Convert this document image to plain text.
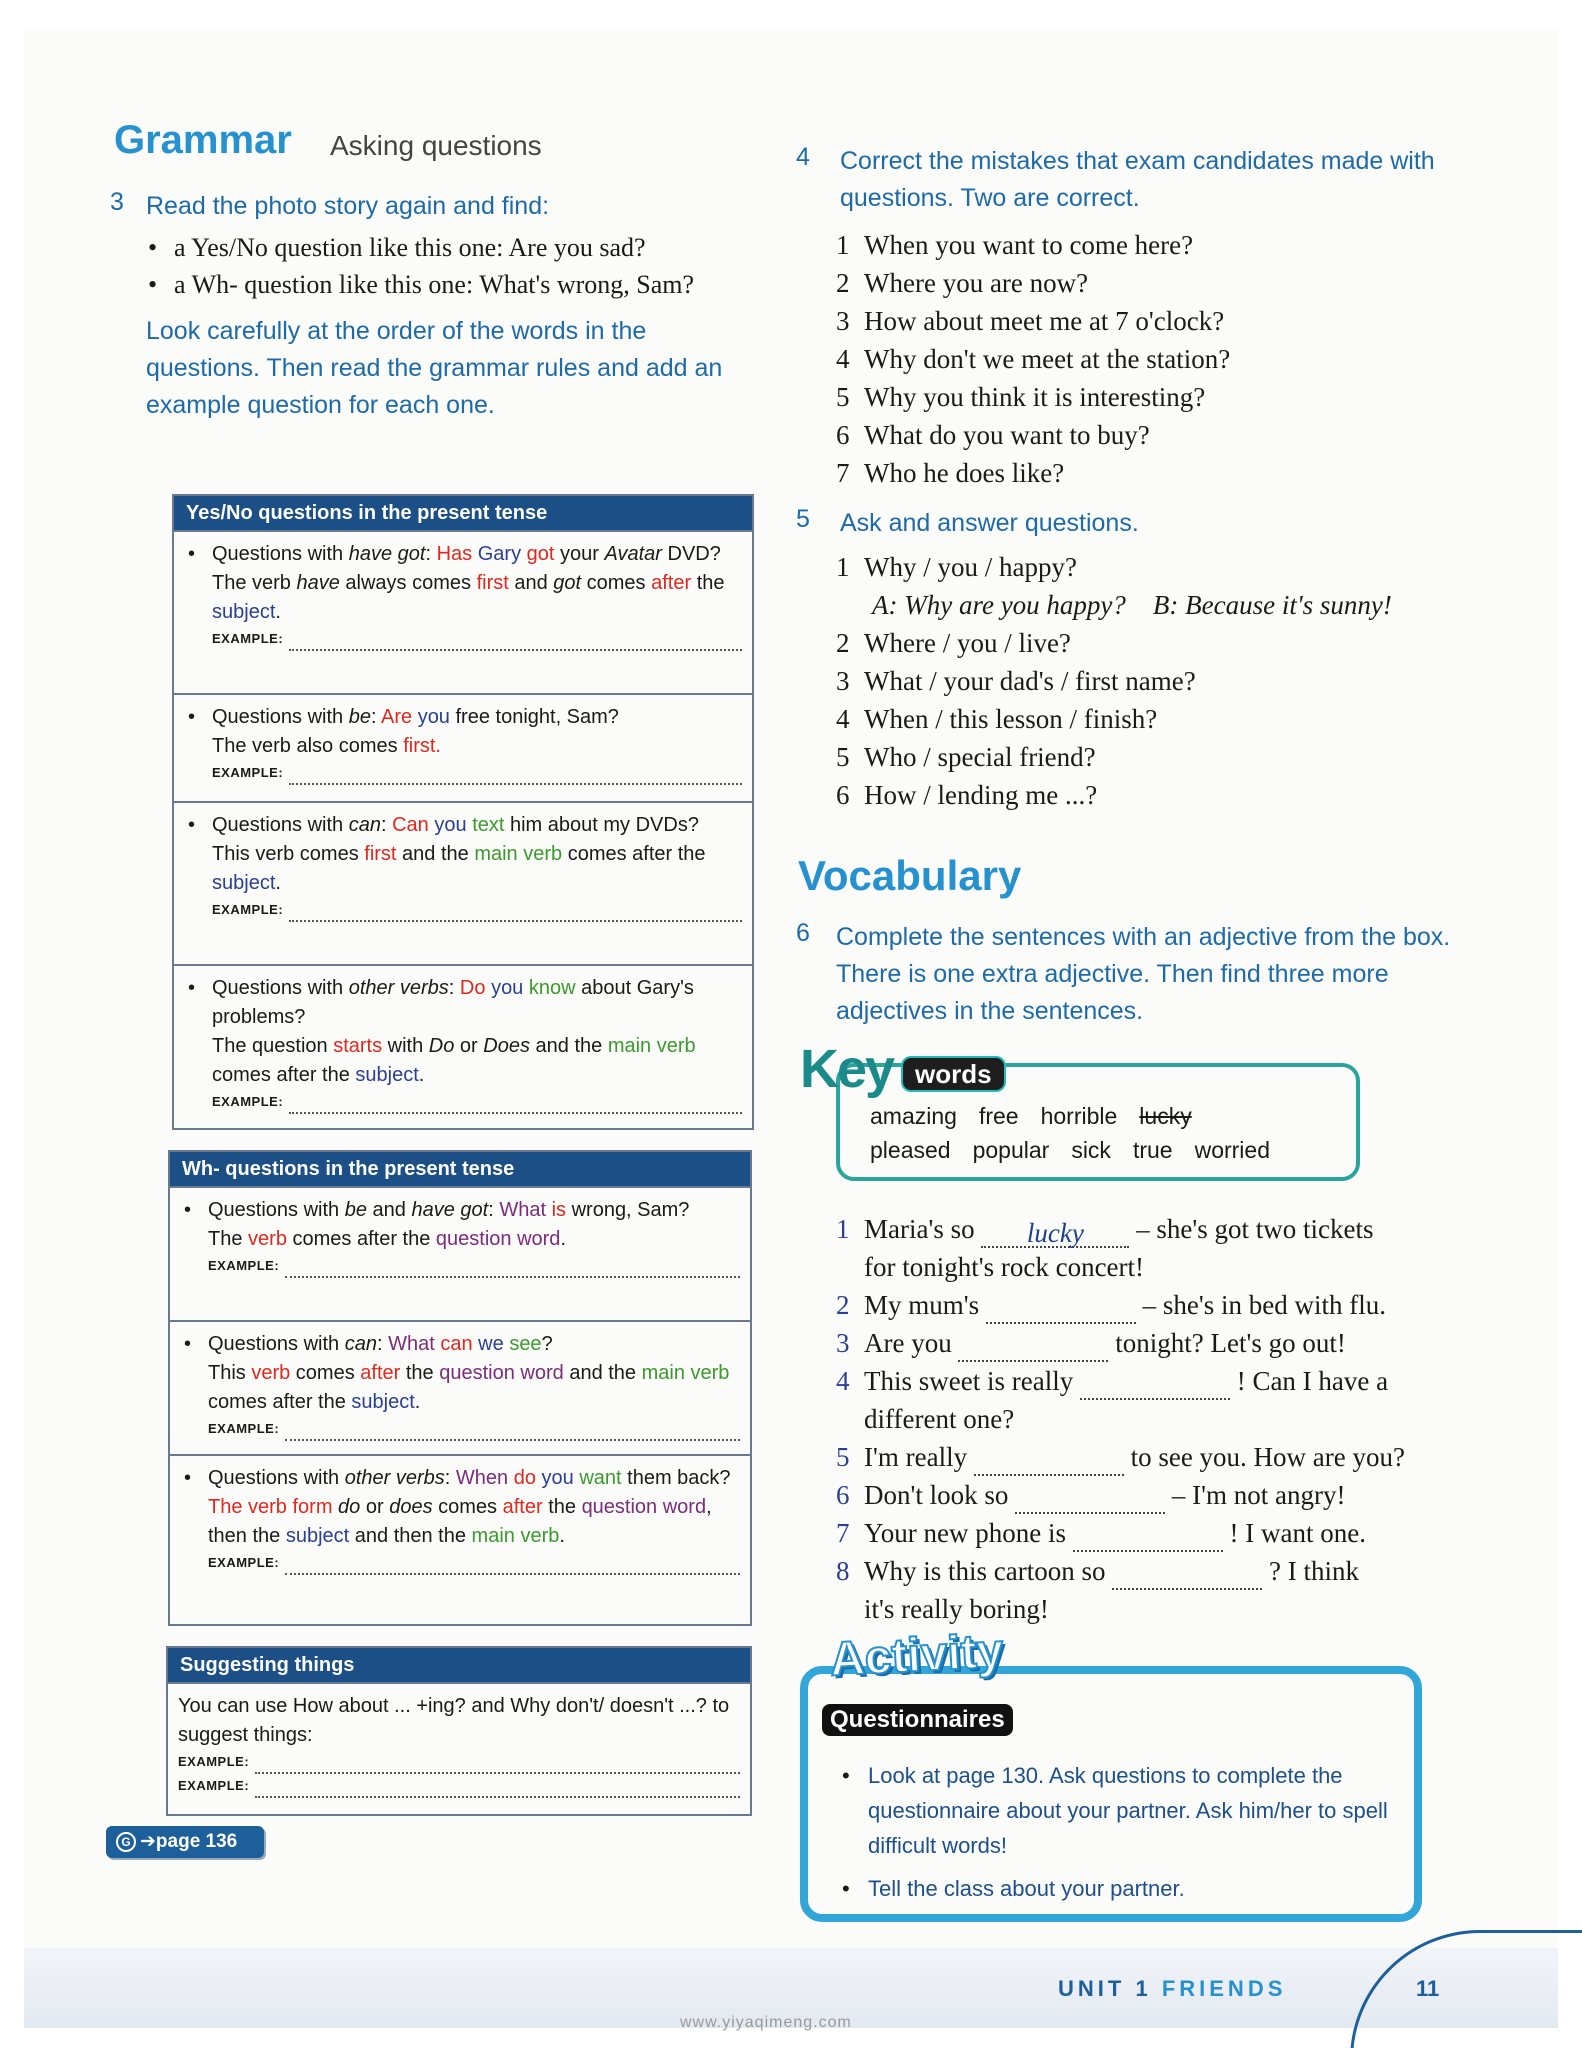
Grammar Asking questions
3 Read the photo story again and find:
• a Yes/No question like this one: Are you sad?
• a Wh- question like this one: What's wrong, Sam?
Look carefully at the order of the words in the questions. Then read the grammar rules and add an example question for each one.
Yes/No questions in the present tense
• Questions with have got: Has Gary got your Avatar DVD?
The verb have always comes first and got comes after the subject.
EXAMPLE:
• Questions with be: Are you free tonight, Sam?
The verb also comes first.
EXAMPLE:
• Questions with can: Can you text him about my DVDs?
This verb comes first and the main verb comes after the subject.
EXAMPLE:
• Questions with other verbs: Do you know about Gary's problems?
The question starts with Do or Does and the main verb comes after the subject.
EXAMPLE:
Wh- questions in the present tense
• Questions with be and have got: What is wrong, Sam?
The verb comes after the question word.
EXAMPLE:
• Questions with can: What can we see?
This verb comes after the question word and the main verb comes after the subject.
EXAMPLE:
• Questions with other verbs: When do you want them back?
The verb form do or does comes after the question word, then the subject and then the main verb.
EXAMPLE:
Suggesting things
You can use How about ... +ing? and Why don't/ doesn't ...? to suggest things:
EXAMPLE:
EXAMPLE:
G ➔page 136
4 Correct the mistakes that exam candidates made with questions. Two are correct.
1 When you want to come here?
2 Where you are now?
3 How about meet me at 7 o'clock?
4 Why don't we meet at the station?
5 Why you think it is interesting?
6 What do you want to buy?
7 Who he does like?
5 Ask and answer questions.
1 Why / you / happy?
A: Why are you happy? B: Because it's sunny!
2 Where / you / live?
3 What / your dad's / first name?
4 When / this lesson / finish?
5 Who / special friend?
6 How / lending me ...?
Vocabulary
6 Complete the sentences with an adjective from the box. There is one extra adjective. Then find three more adjectives in the sentences.
amazing free horrible lucky
pleased popular sick true worried
Key words
1 Maria's so lucky – she's got two tickets
for tonight's rock concert!
2 My mum's	– she's in bed with flu.
3 Are you	tonight? Let's go out!
4 This sweet is really	! Can I have a
different one?
5 I'm really	to see you. How are you?
6 Don't look so	– I'm not angry!
7 Your new phone is	! I want one.
8 Why is this cartoon so	? I think
it's really boring!
Activity
Questionnaires
• Look at page 130. Ask questions to complete the questionnaire about your partner. Ask him/her to spell difficult words!
• Tell the class about your partner.
UNIT 1 FRIENDS	11
www.yiyaqimeng.com
